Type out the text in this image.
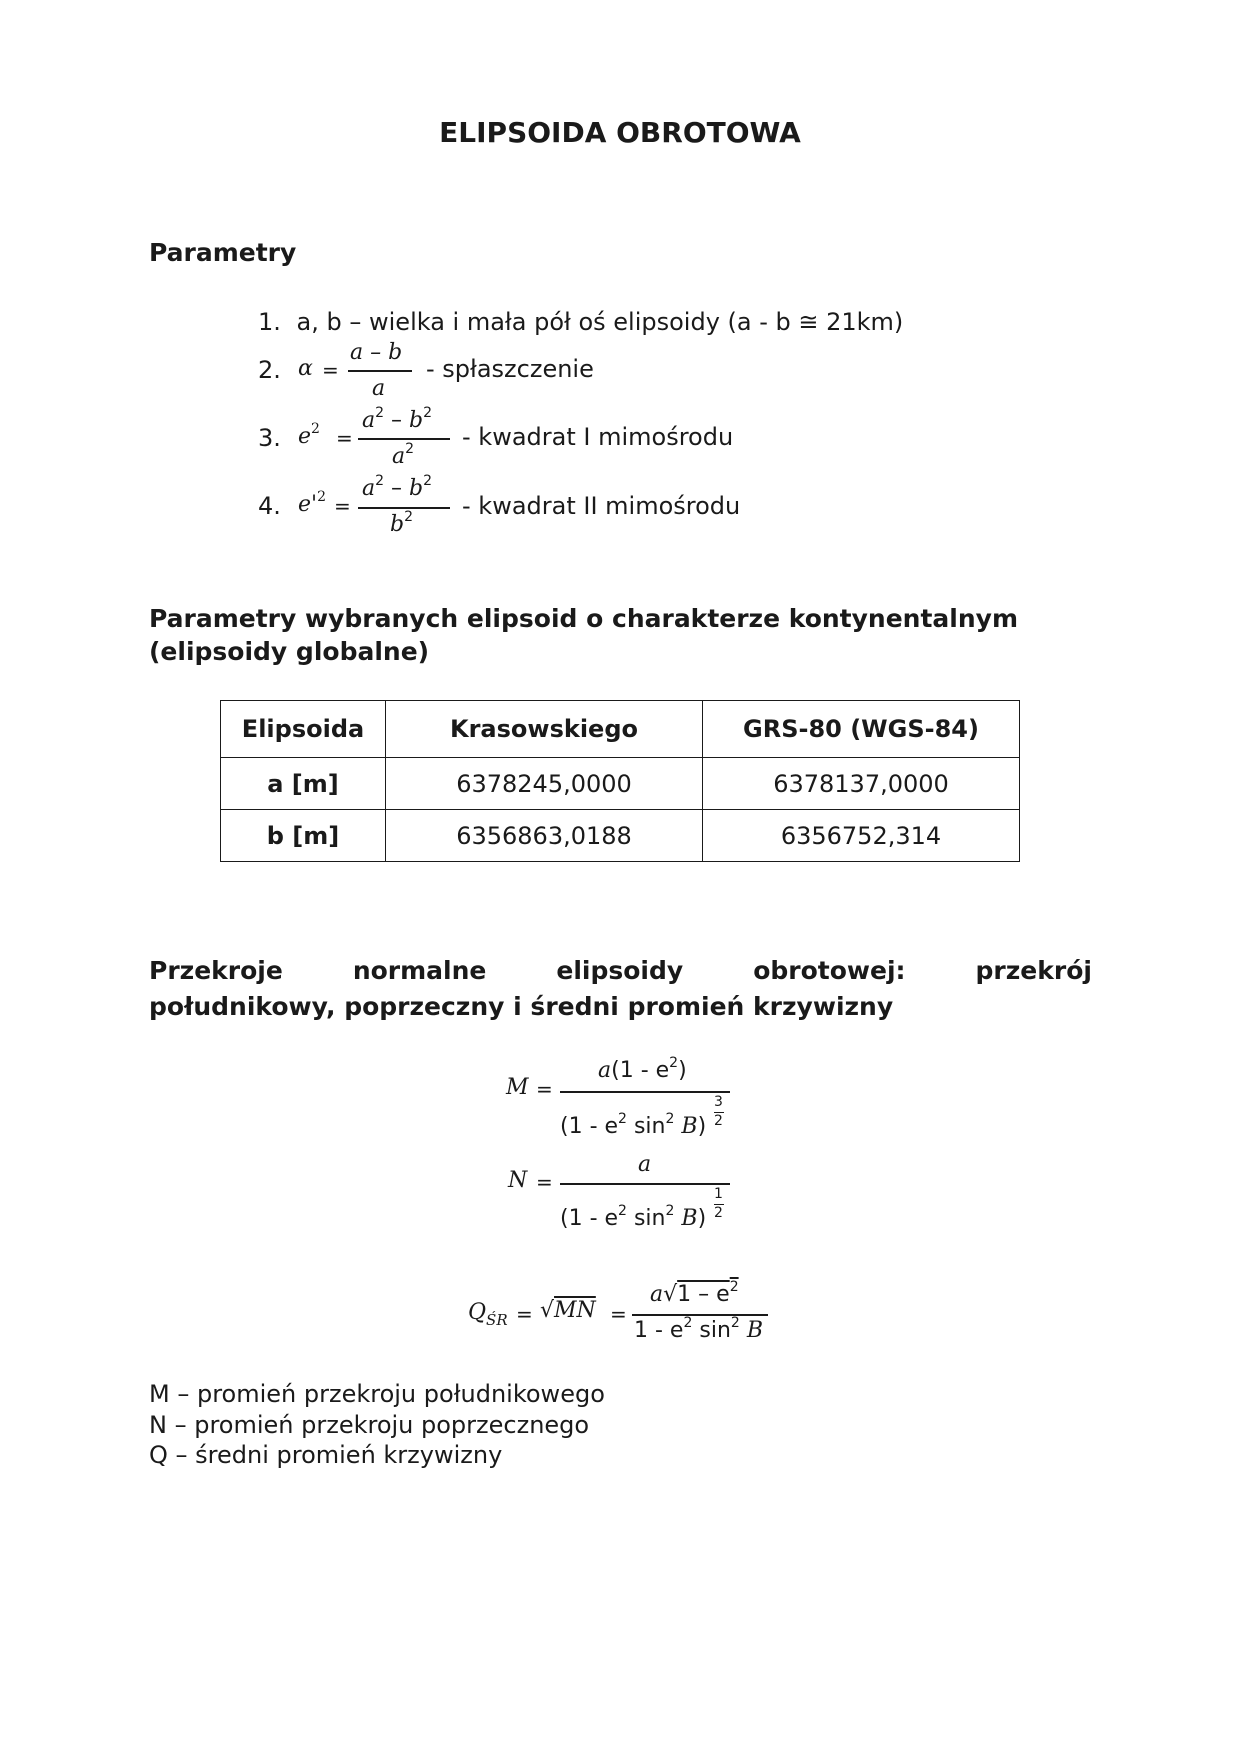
ELIPSOIDA OBROTOWA
Parametry
1. a, b – wielka i mała pół oś elipsoidy (a - b ≅ 21km)
2. α =
a – b
a
- spłaszczenie
3. $e^2$ =
$a^2 - b^2$
$a^2$ - kwadrat I mimośrodu
4. $e'^2$ =
$a^2 - b^2$
$b^2$ - kwadrat II mimośrodu
Parametry wybranych elipsoid o charakterze kontynentalnym
(elipsoidy globalne)
Elipsoida	Krasowskiego	GRS-80 (WGS-84)
a [m]	6378245,0000	6378137,0000
b [m]	6356863,0188	6356752,314
Przekroje	normalne	elipsoidy	obrotowej:	przekrój
południkowy, poprzeczny i średni promień krzywizny
M =
$a(1 - e^2)$
($1 - e^2$ $\sin^2 B$)
3
2
N =
a
($1 - e^2$ $\sin^2 B$)
1
2
$Q_{ŚR} = √MN$ =
$a√1 - e^2$
$1 - e^2$ $\sin^2 B$
M – promień przekroju południkowego
N – promień przekroju poprzecznego
Q – średni promień krzywizny
